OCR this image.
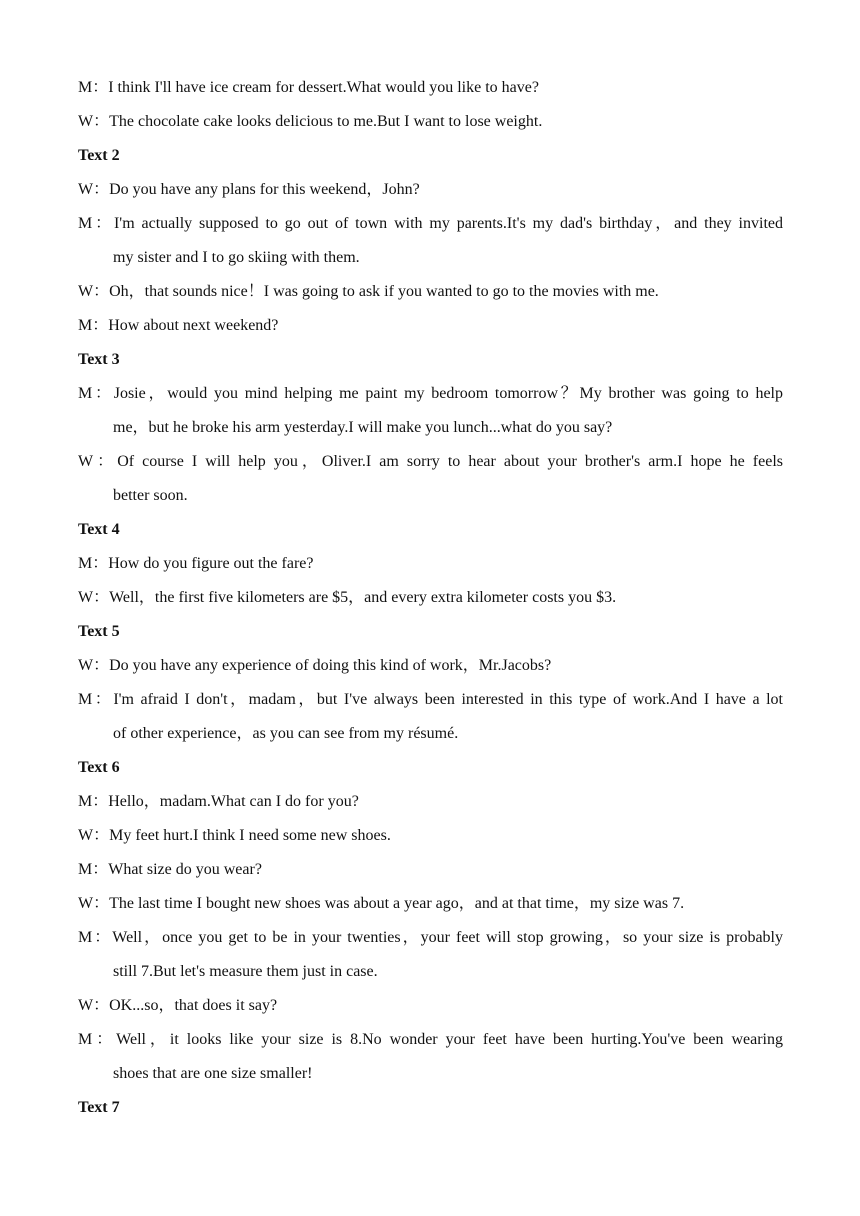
M：I think I'll have ice cream for dessert.What would you like to have?
W：The chocolate cake looks delicious to me.But I want to lose weight.
Text 2
W：Do you have any plans for this weekend，John?
M：I'm actually supposed to go out of town with my parents.It's my dad's birthday，and they invited
my sister and I to go skiing with them.
W：Oh，that sounds nice！I was going to ask if you wanted to go to the movies with me.
M：How about next weekend?
Text 3
M：Josie，would you mind helping me paint my bedroom tomorrow？My brother was going to help
me，but he broke his arm yesterday.I will make you lunch...what do you say?
W：Of course I will help you，Oliver.I am sorry to hear about your brother's arm.I hope he feels
better soon.
Text 4
M：How do you figure out the fare?
W：Well，the first five kilometers are $5，and every extra kilometer costs you $3.
Text 5
W：Do you have any experience of doing this kind of work，Mr.Jacobs?
M：I'm afraid I don't，madam，but I've always been interested in this type of work.And I have a lot
of other experience，as you can see from my résumé.
Text 6
M：Hello，madam.What can I do for you?
W：My feet hurt.I think I need some new shoes.
M：What size do you wear?
W：The last time I bought new shoes was about a year ago，and at that time，my size was 7.
M：Well，once you get to be in your twenties，your feet will stop growing，so your size is probably
still 7.But let's measure them just in case.
W：OK...so，that does it say?
M：Well，it looks like your size is 8.No wonder your feet have been hurting.You've been wearing
shoes that are one size smaller!
Text 7
